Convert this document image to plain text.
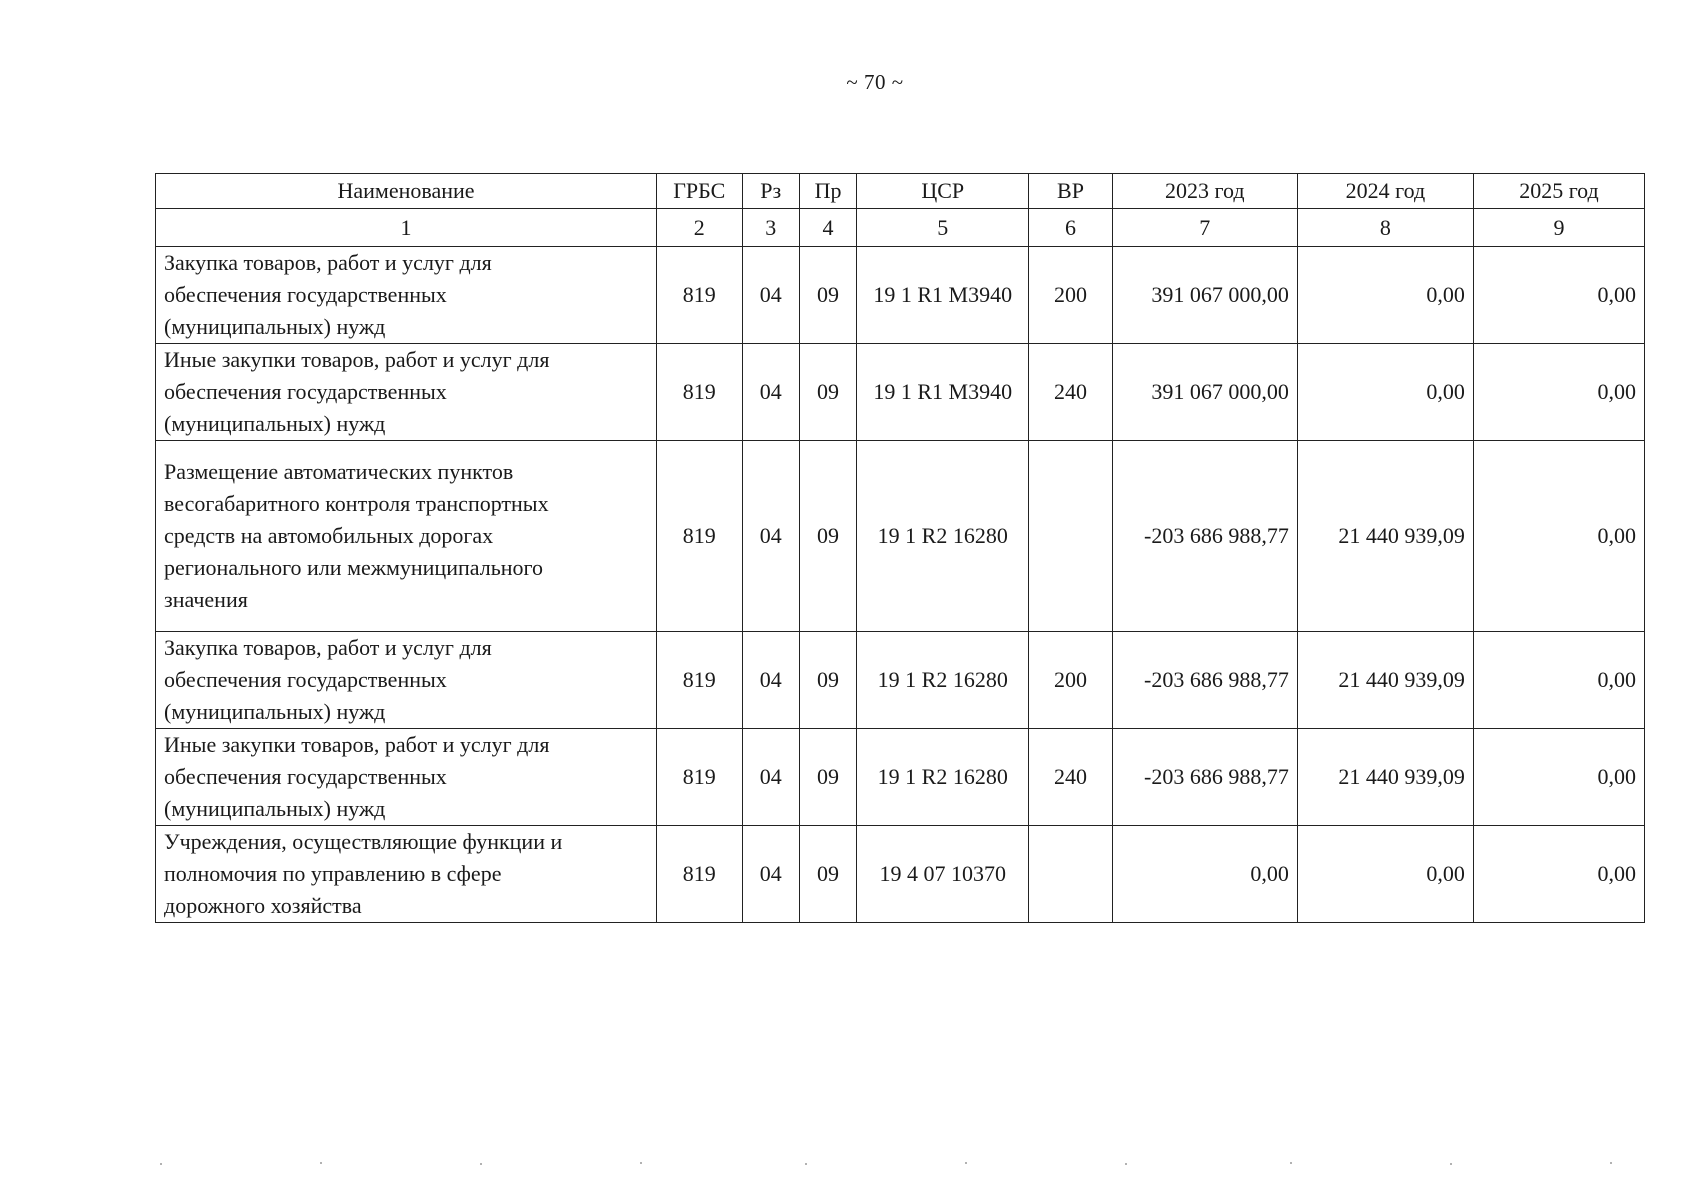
~ 70 ~
Наименование	ГРБС	Рз	Пр	ЦСР	ВР	2023 год	2024 год	2025 год
1	2	3	4	5	6	7	8	9

Закупка товаров, работ и услуг для
обеспечения государственных
(муниципальных) нужд	819	04	09	19 1 R1 M3940	200	391 067 000,00	0,00	0,00

Иные закупки товаров, работ и услуг для
обеспечения государственных
(муниципальных) нужд	819	04	09	19 1 R1 M3940	240	391 067 000,00	0,00	0,00

Размещение автоматических пунктов
весогабаритного контроля транспортных
средств на автомобильных дорогах
регионального или межмуниципального
значения	819	04	09	19 1 R2 16280		-203 686 988,77	21 440 939,09	0,00

Закупка товаров, работ и услуг для
обеспечения государственных
(муниципальных) нужд	819	04	09	19 1 R2 16280	200	-203 686 988,77	21 440 939,09	0,00

Иные закупки товаров, работ и услуг для
обеспечения государственных
(муниципальных) нужд	819	04	09	19 1 R2 16280	240	-203 686 988,77	21 440 939,09	0,00

Учреждения, осуществляющие функции и
полномочия по управлению в сфере
дорожного хозяйства	819	04	09	19 4 07 10370		0,00	0,00	0,00
